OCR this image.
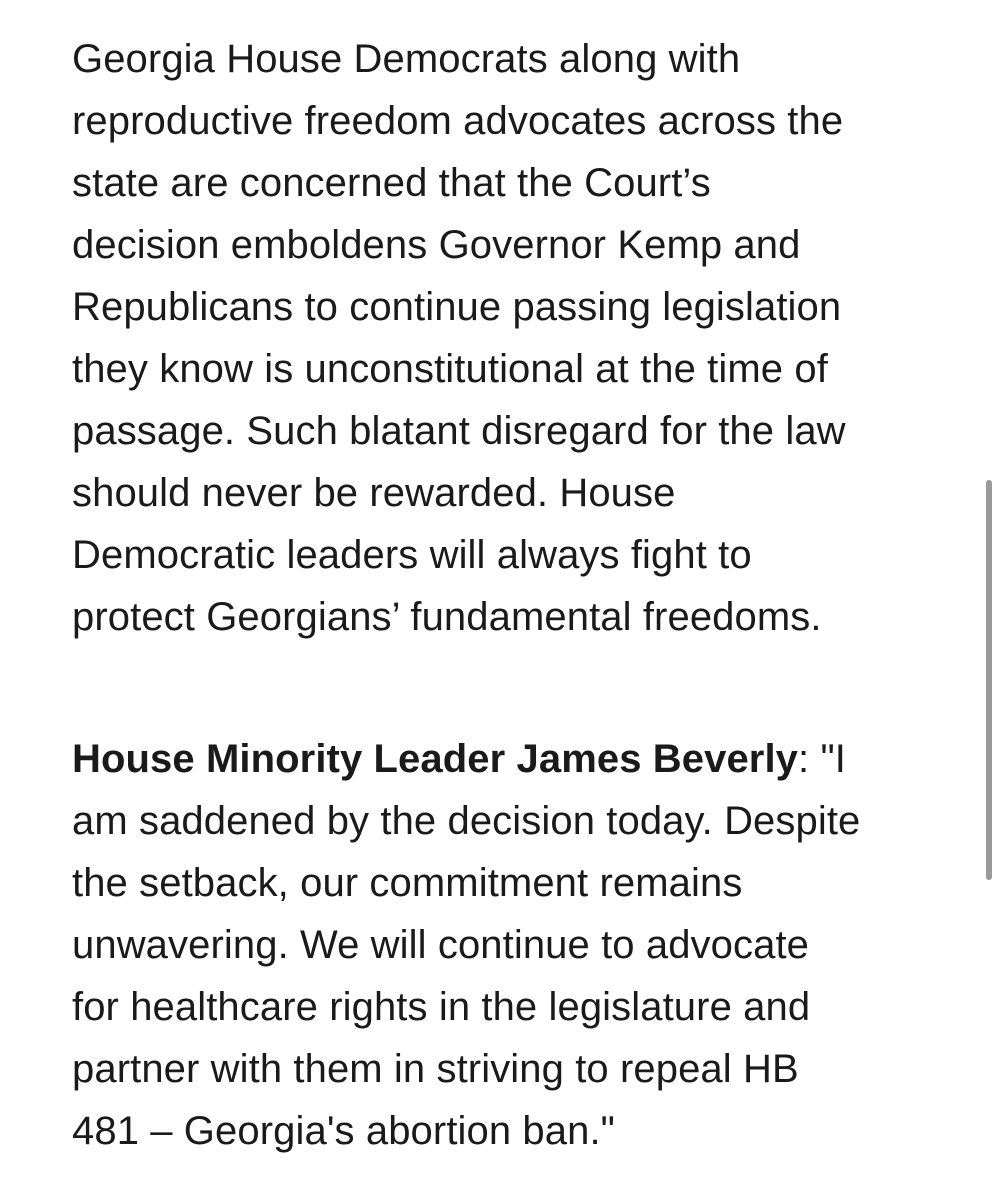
Georgia House Democrats along with
reproductive freedom advocates across the
state are concerned that the Court’s
decision emboldens Governor Kemp and
Republicans to continue passing legislation
they know is unconstitutional at the time of
passage. Such blatant disregard for the law
should never be rewarded. House
Democratic leaders will always fight to
protect Georgians’ fundamental freedoms.
House Minority Leader James Beverly: "I
am saddened by the decision today. Despite
the setback, our commitment remains
unwavering. We will continue to advocate
for healthcare rights in the legislature and
partner with them in striving to repeal HB
481 – Georgia's abortion ban."
